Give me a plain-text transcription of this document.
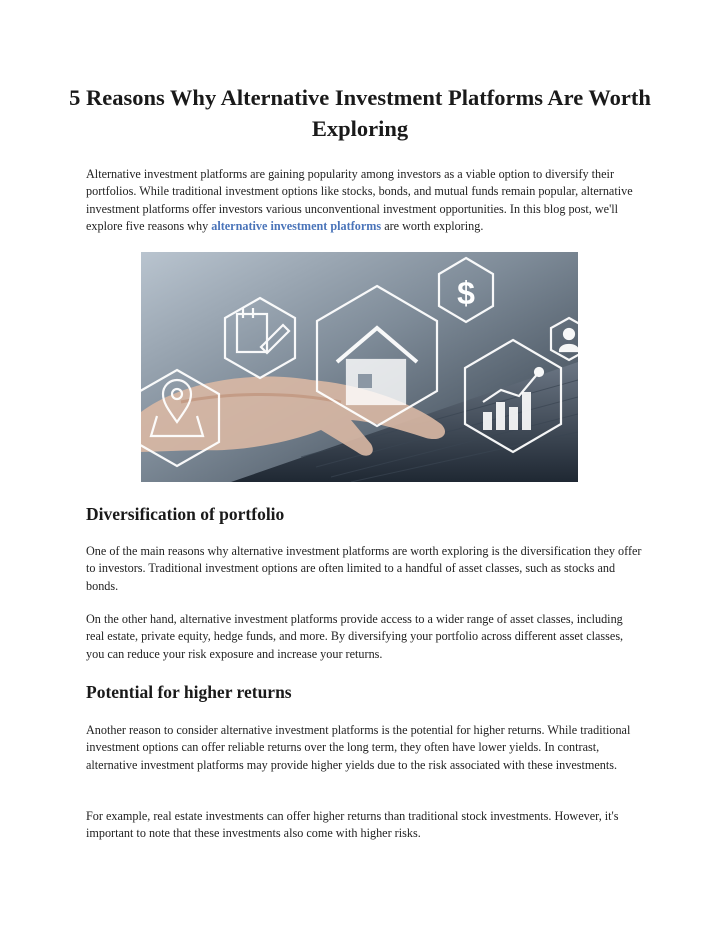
5 Reasons Why Alternative Investment Platforms Are Worth Exploring

Alternative investment platforms are gaining popularity among investors as a viable option to diversify their portfolios. While traditional investment options like stocks, bonds, and mutual funds remain popular, alternative investment platforms offer investors various unconventional investment opportunities. In this blog post, we'll explore five reasons why alternative investment platforms are worth exploring.

$
Diversification of portfolio

One of the main reasons why alternative investment platforms are worth exploring is the diversification they offer to investors. Traditional investment options are often limited to a handful of asset classes, such as stocks and bonds.

On the other hand, alternative investment platforms provide access to a wider range of asset classes, including real estate, private equity, hedge funds, and more. By diversifying your portfolio across different asset classes, you can reduce your risk exposure and increase your returns.

Potential for higher returns

Another reason to consider alternative investment platforms is the potential for higher returns. While traditional investment options can offer reliable returns over the long term, they often have lower yields. In contrast, alternative investment platforms may provide higher yields due to the risk associated with these investments.

For example, real estate investments can offer higher returns than traditional stock investments. However, it's important to note that these investments also come with higher risks.
